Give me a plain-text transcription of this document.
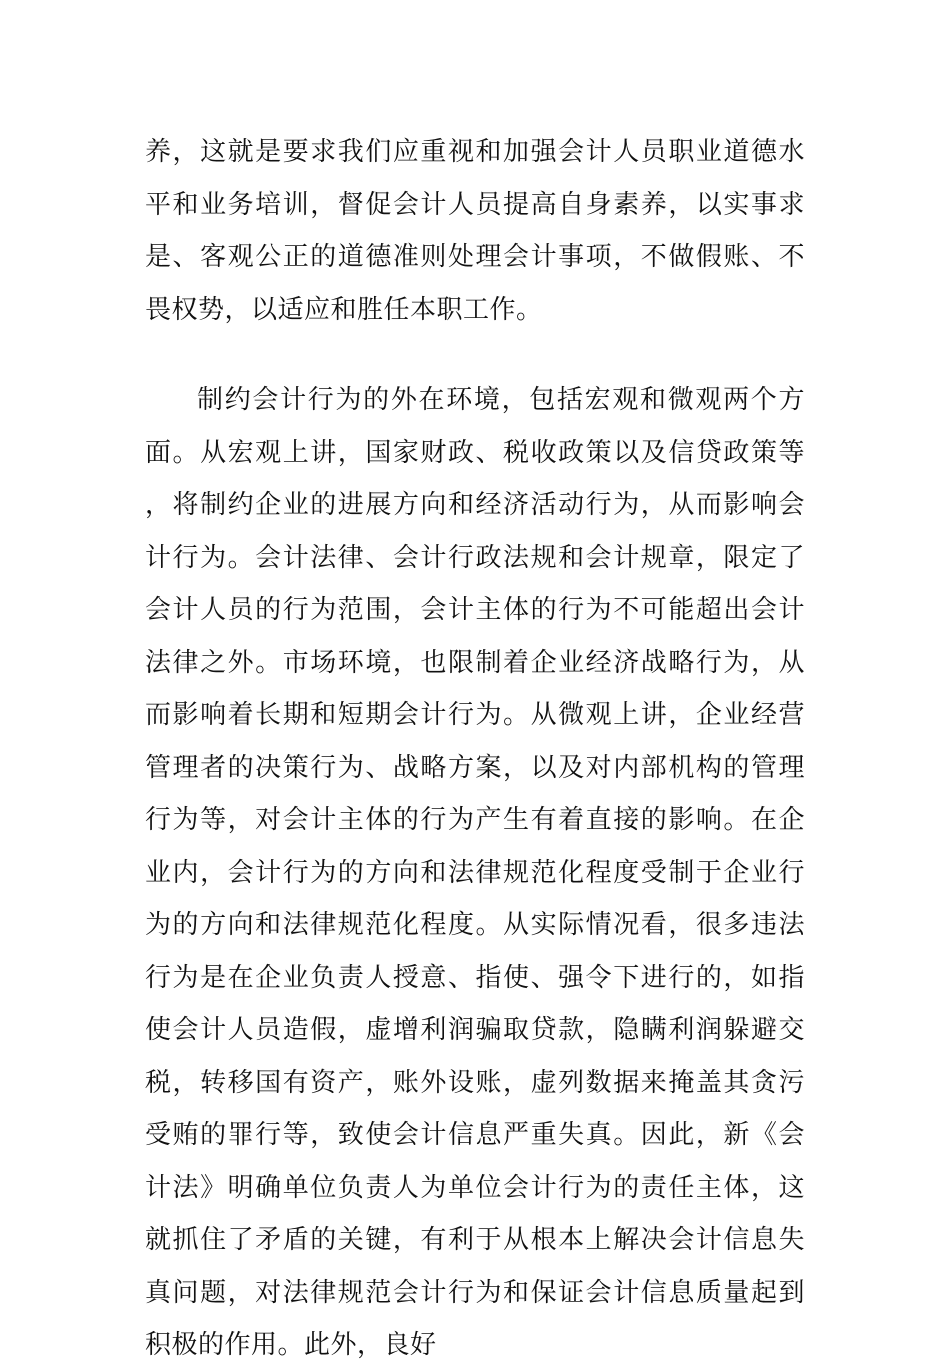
养，这就是要求我们应重视和加强会计人员职业道德水平和业务培训，督促会计人员提高自身素养，以实事求是、客观公正的道德准则处理会计事项，不做假账、不畏权势，以适应和胜任本职工作。

制约会计行为的外在环境，包括宏观和微观两个方面。从宏观上讲，国家财政、税收政策以及信贷政策等，将制约企业的进展方向和经济活动行为，从而影响会计行为。会计法律、会计行政法规和会计规章，限定了会计人员的行为范围，会计主体的行为不可能超出会计法律之外。市场环境，也限制着企业经济战略行为，从而影响着长期和短期会计行为。从微观上讲，企业经营管理者的决策行为、战略方案，以及对内部机构的管理行为等，对会计主体的行为产生有着直接的影响。在企业内，会计行为的方向和法律规范化程度受制于企业行为的方向和法律规范化程度。从实际情况看，很多违法行为是在企业负责人授意、指使、强令下进行的，如指使会计人员造假，虚增利润骗取贷款，隐瞒利润躲避交税，转移国有资产，账外设账，虚列数据来掩盖其贪污受贿的罪行等，致使会计信息严重失真。因此，新《会计法》明确单位负责人为单位会计行为的责任主体，这就抓住了矛盾的关键，有利于从根本上解决会计信息失真问题，对法律规范会计行为和保证会计信息质量起到积极的作用。此外，良好
